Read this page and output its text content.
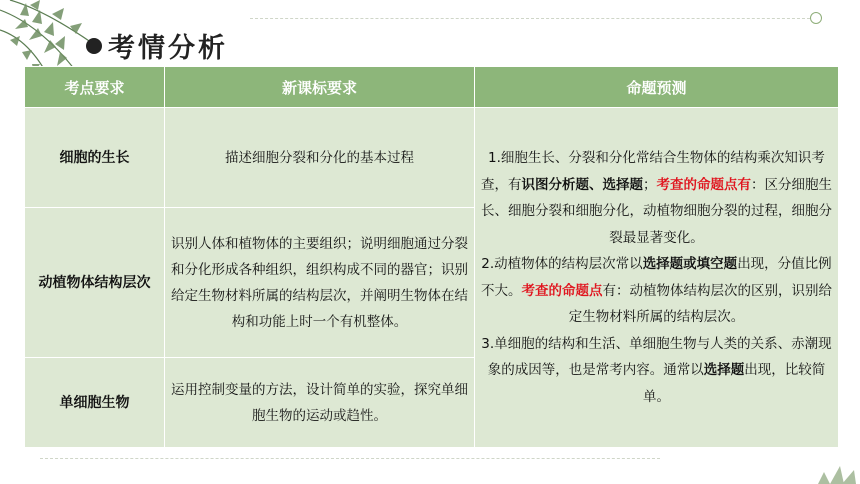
考情分析
考点要求	新课标要求	命题预测
细胞的生长	描述细胞分裂和分化的基本过程	1.细胞生长、分裂和分化常结合生物体的结构乘次知识考查，有识图分析题、选择题；考查的命题点有：区分细胞生长、细胞分裂和细胞分化，动植物细胞分裂的过程，细胞分裂最显著变化。
2.动植物体的结构层次常以选择题或填空题出现，分值比例不大。考查的命题点有：动植物体结构层次的区别，识别给定生物材料所属的结构层次。
3.单细胞的结构和生活、单细胞生物与人类的关系、赤潮现象的成因等，也是常考内容。通常以选择题出现，比较简单。
动植物体结构层次	识别人体和植物体的主要组织；说明细胞通过分裂和分化形成各种组织，组织构成不同的器官；识别给定生物材料所属的结构层次，并阐明生物体在结构和功能上时一个有机整体。	
单细胞生物	运用控制变量的方法，设计简单的实验，探究单细胞生物的运动或趋性。	
